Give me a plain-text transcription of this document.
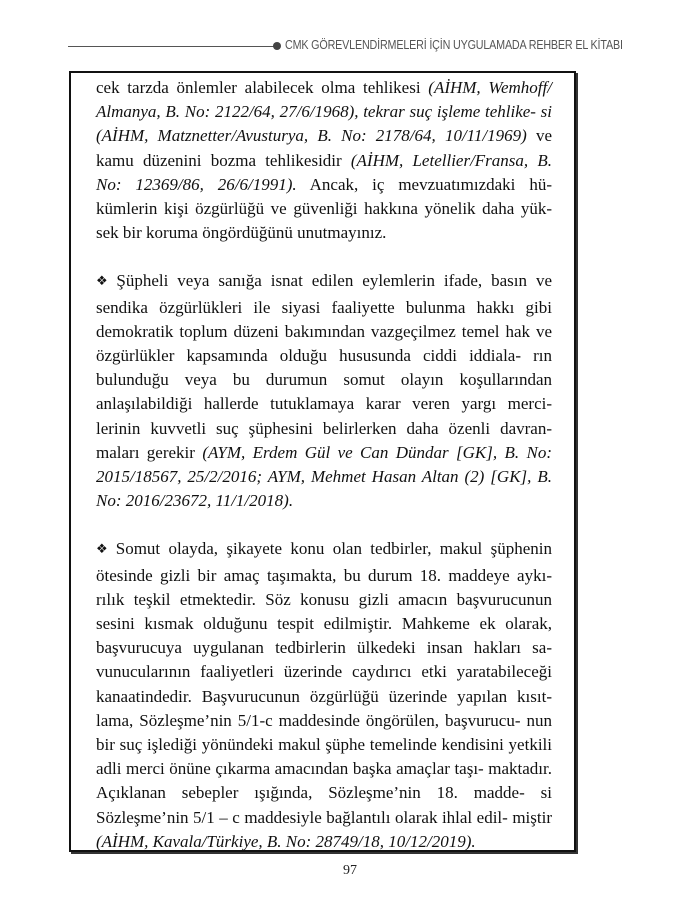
CMK GÖREVLENDİRMELERİ İÇİN UYGULAMADA REHBER EL KİTABI

cek tarzda önlemler alabilecek olma tehlikesi (AİHM, Wemhoff/ Almanya, B. No: 2122/64, 27/6/1968), tekrar suç işleme tehlike- si (AİHM, Matznetter/Avusturya, B. No: 2178/64, 10/11/1969) ve kamu düzenini bozma tehlikesidir (AİHM, Letellier/Fransa, B. No: 12369/86, 26/6/1991). Ancak, iç mevzuatımızdaki hü- kümlerin kişi özgürlüğü ve güvenliği hakkına yönelik daha yük- sek bir koruma öngördüğünü unutmayınız.

❖ Şüpheli veya sanığa isnat edilen eylemlerin ifade, basın ve sendika özgürlükleri ile siyasi faaliyette bulunma hakkı gibi demokratik toplum düzeni bakımından vazgeçilmez temel hak ve özgürlükler kapsamında olduğu hususunda ciddi iddiala- rın bulunduğu veya bu durumun somut olayın koşullarından anlaşılabildiği hallerde tutuklamaya karar veren yargı merci- lerinin kuvvetli suç şüphesini belirlerken daha özenli davran- maları gerekir (AYM, Erdem Gül ve Can Dündar [GK], B. No: 2015/18567, 25/2/2016; AYM, Mehmet Hasan Altan (2) [GK], B. No: 2016/23672, 11/1/2018).

❖ Somut olayda, şikayete konu olan tedbirler, makul şüphenin ötesinde gizli bir amaç taşımakta, bu durum 18. maddeye aykı- rılık teşkil etmektedir. Söz konusu gizli amacın başvurucunun sesini kısmak olduğunu tespit edilmiştir. Mahkeme ek olarak, başvurucuya uygulanan tedbirlerin ülkedeki insan hakları sa- vunucularının faaliyetleri üzerinde caydırıcı etki yaratabileceği kanaatindedir. Başvurucunun özgürlüğü üzerinde yapılan kısıt- lama, Sözleşme’nin 5/1-c maddesinde öngörülen, başvurucu- nun bir suç işlediği yönündeki makul şüphe temelinde kendisini yetkili adli merci önüne çıkarma amacından başka amaçlar taşı- maktadır. Açıklanan sebepler ışığında, Sözleşme’nin 18. madde- si Sözleşme’nin 5/1 – c maddesiyle bağlantılı olarak ihlal edil- miştir (AİHM, Kavala/Türkiye, B. No: 28749/18, 10/12/2019).

97
